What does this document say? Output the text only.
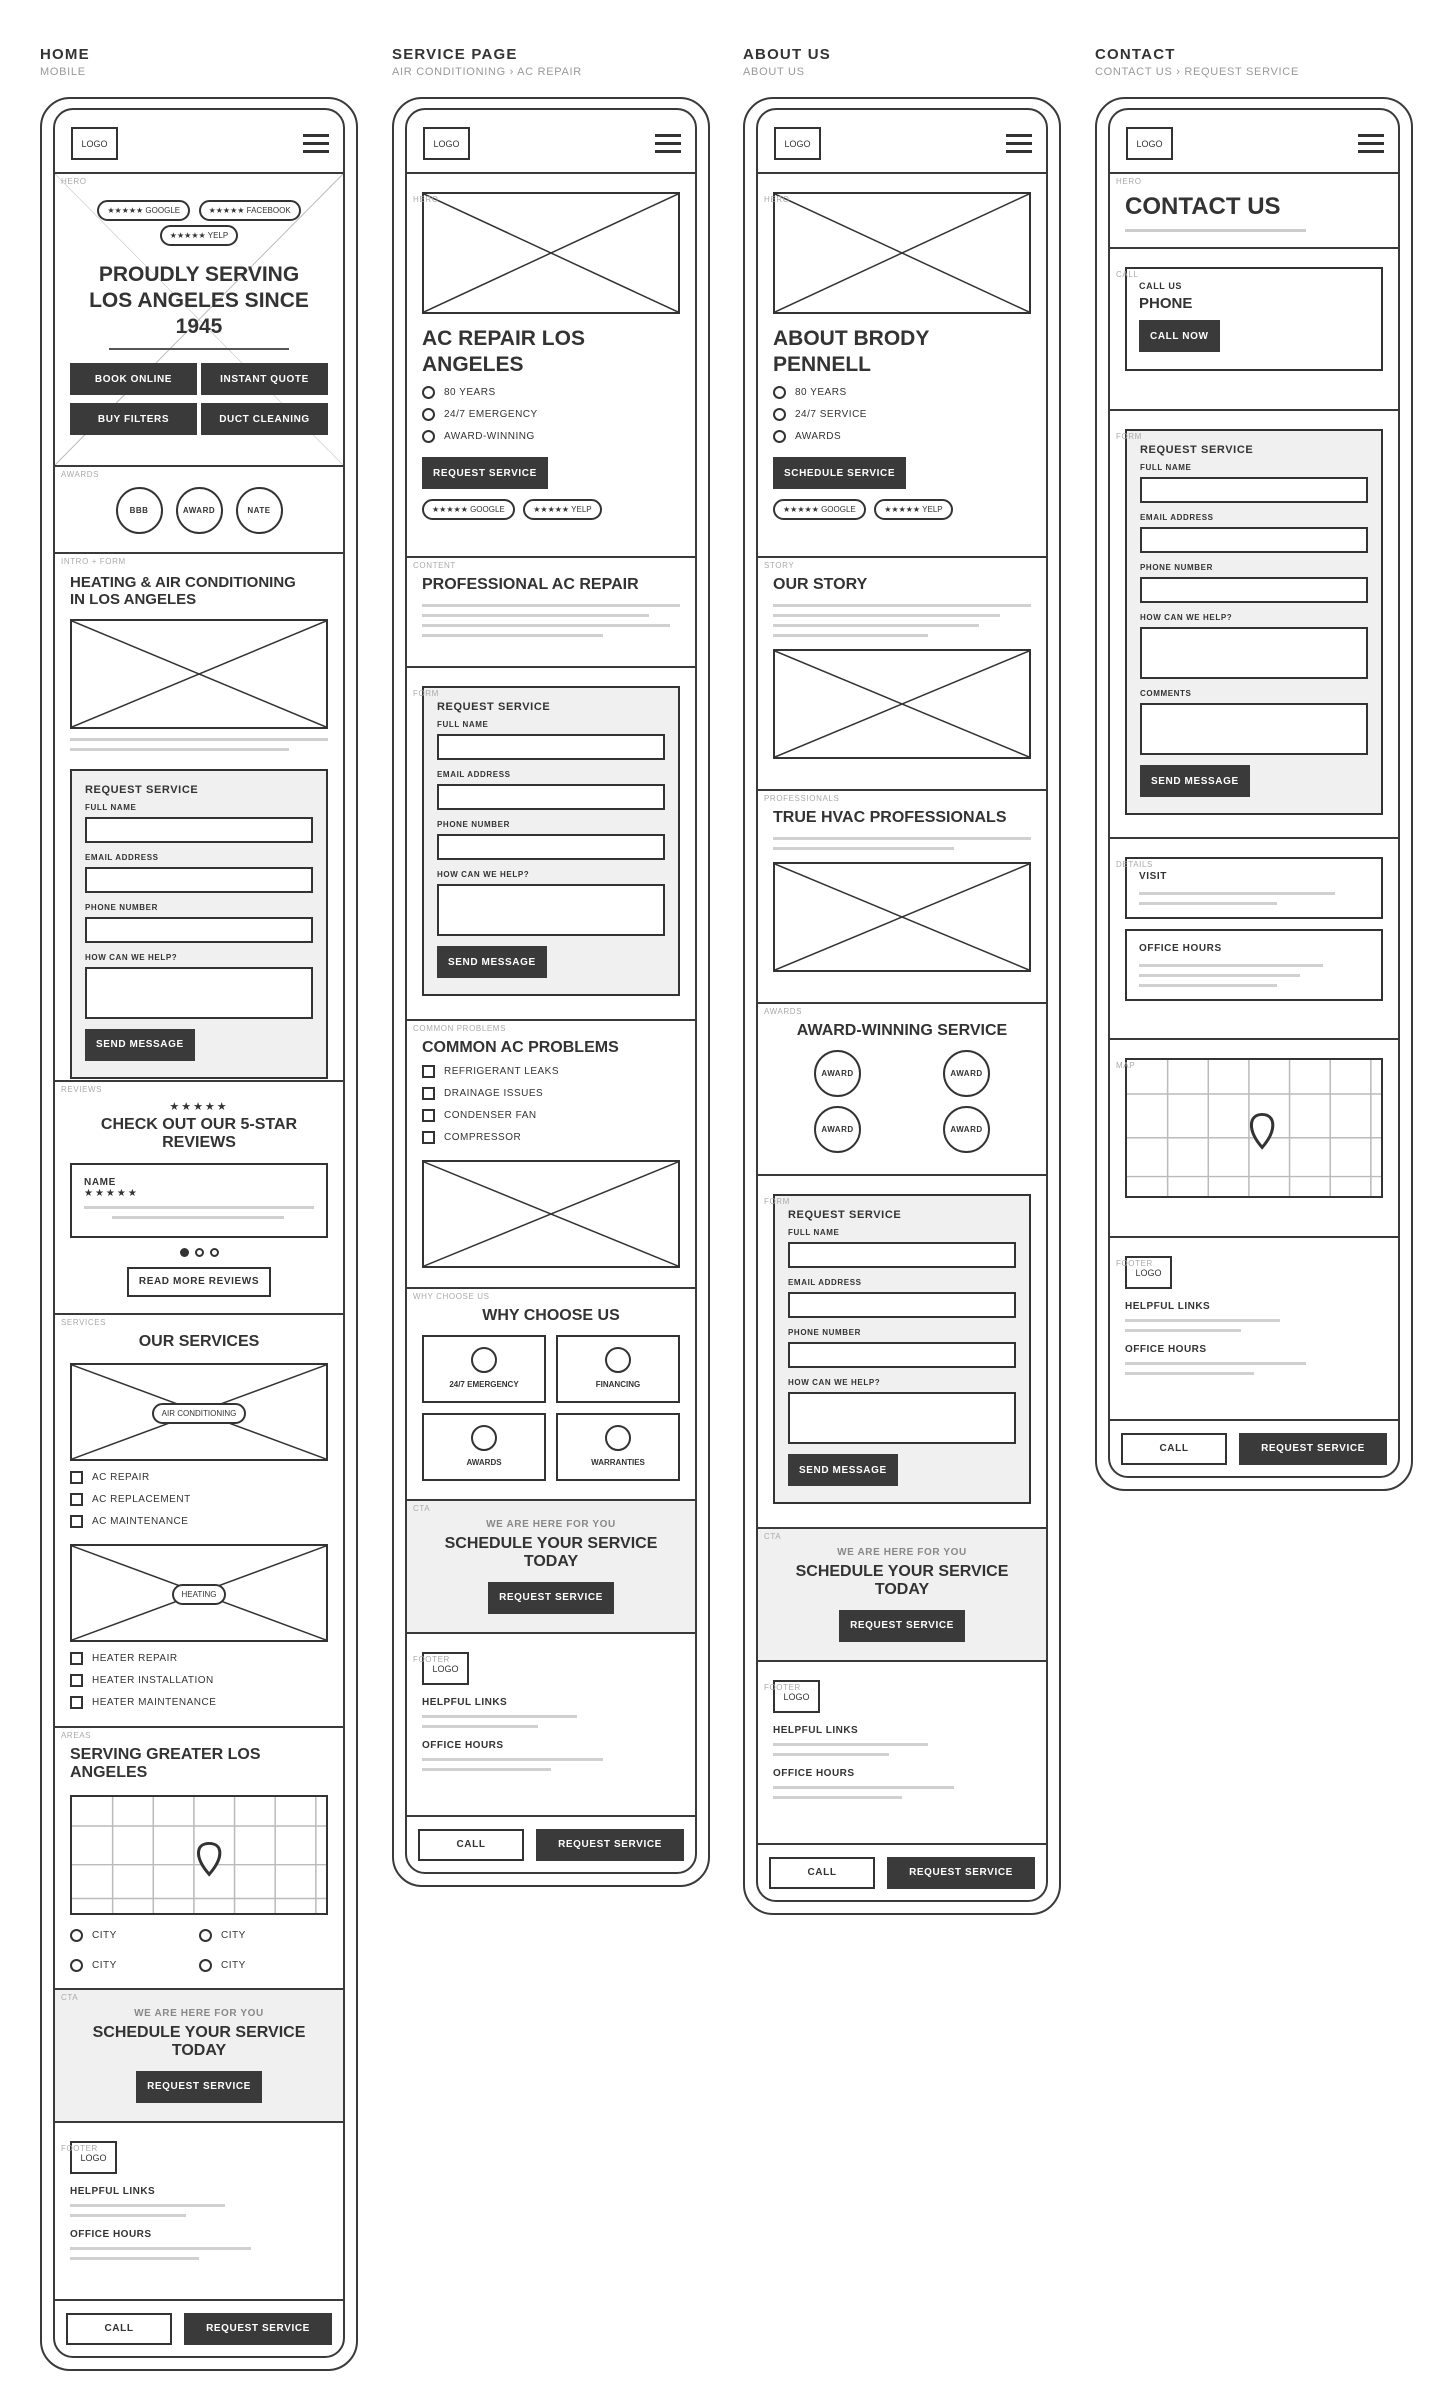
HOME
MOBILE
LOGO
HERO
★★★★★ GOOGLE	★★★★★ FACEBOOK
★★★★★ YELP
PROUDLY SERVING
LOS ANGELES SINCE
1945
BOOK ONLINE	INSTANT QUOTE
BUY FILTERS	DUCT CLEANING
AWARDS
BBB	AWARD	NATE
INTRO + FORM
HEATING & AIR CONDITIONING
IN LOS ANGELES
REQUEST SERVICE
FULL NAME
EMAIL ADDRESS
PHONE NUMBER
HOW CAN WE HELP?
SEND MESSAGE
REVIEWS
★★★★★
CHECK OUT OUR 5-STAR
REVIEWS
NAME
★★★★★
READ MORE REVIEWS
SERVICES
OUR SERVICES
AIR CONDITIONING
AC REPAIR
AC REPLACEMENT
AC MAINTENANCE
HEATING
HEATER REPAIR
HEATER INSTALLATION
HEATER MAINTENANCE
AREAS
SERVING GREATER LOS
ANGELES
CITY	CITY
CITY	CITY
CTA
WE ARE HERE FOR YOU
SCHEDULE YOUR SERVICE
TODAY
REQUEST SERVICE
FOOTER
LOGO
HELPFUL LINKS
OFFICE HOURS
CALL	REQUEST SERVICE
SERVICE PAGE
AIR CONDITIONING › AC REPAIR
LOGO
HERO
AC REPAIR LOS
ANGELES
80 YEARS
24/7 EMERGENCY
AWARD-WINNING
REQUEST SERVICE
★★★★★ GOOGLE	★★★★★ YELP
CONTENT
PROFESSIONAL AC REPAIR
FORM
REQUEST SERVICE
FULL NAME
EMAIL ADDRESS
PHONE NUMBER
HOW CAN WE HELP?
SEND MESSAGE
COMMON PROBLEMS
COMMON AC PROBLEMS
REFRIGERANT LEAKS
DRAINAGE ISSUES
CONDENSER FAN
COMPRESSOR
WHY CHOOSE US
WHY CHOOSE US
24/7 EMERGENCY	FINANCING
AWARDS	WARRANTIES
CTA
WE ARE HERE FOR YOU
SCHEDULE YOUR SERVICE
TODAY
REQUEST SERVICE
FOOTER
LOGO
HELPFUL LINKS
OFFICE HOURS
CALL	REQUEST SERVICE
ABOUT US
ABOUT US
LOGO
HERO
ABOUT BRODY
PENNELL
80 YEARS
24/7 SERVICE
AWARDS
SCHEDULE SERVICE
★★★★★ GOOGLE	★★★★★ YELP
STORY
OUR STORY
PROFESSIONALS
TRUE HVAC PROFESSIONALS
AWARDS
AWARD-WINNING SERVICE
AWARD	AWARD
AWARD	AWARD
FORM
REQUEST SERVICE
FULL NAME
EMAIL ADDRESS
PHONE NUMBER
HOW CAN WE HELP?
SEND MESSAGE
CTA
WE ARE HERE FOR YOU
SCHEDULE YOUR SERVICE
TODAY
REQUEST SERVICE
FOOTER
LOGO
HELPFUL LINKS
OFFICE HOURS
CALL	REQUEST SERVICE
CONTACT
CONTACT US › REQUEST SERVICE
LOGO
HERO
CONTACT US
CALL
CALL US
PHONE
CALL NOW
FORM
REQUEST SERVICE
FULL NAME
EMAIL ADDRESS
PHONE NUMBER
HOW CAN WE HELP?
COMMENTS
SEND MESSAGE
DETAILS
VISIT
OFFICE HOURS
MAP
FOOTER
LOGO
HELPFUL LINKS
OFFICE HOURS
CALL	REQUEST SERVICE
